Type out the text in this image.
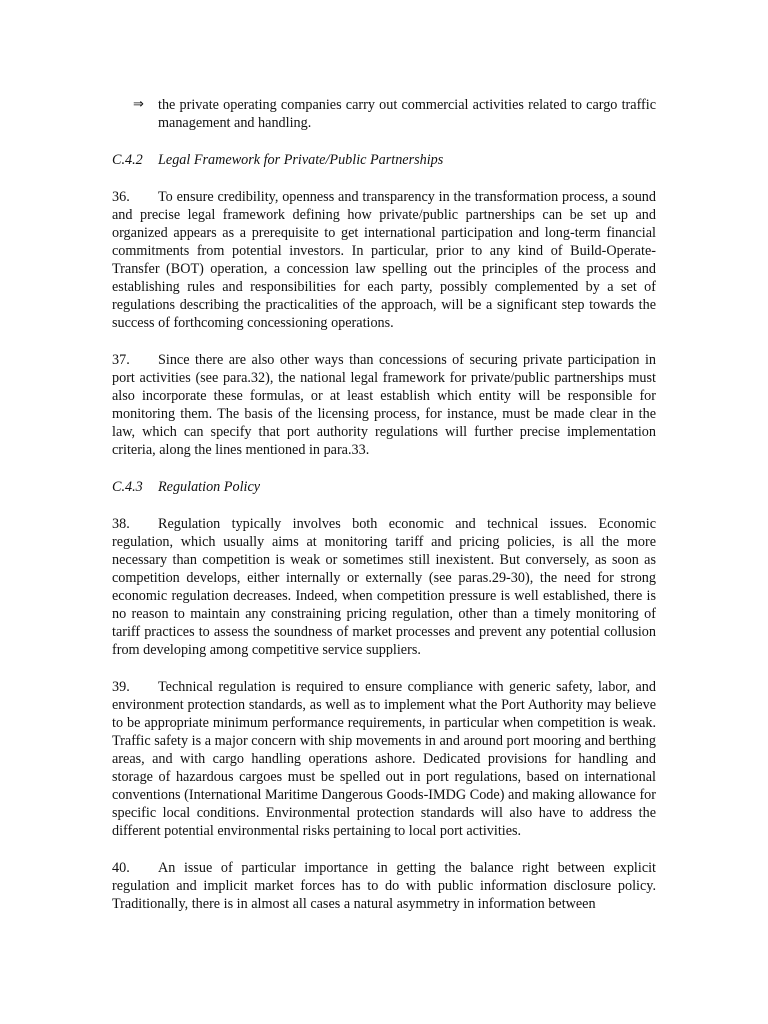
⇒ the private operating companies carry out commercial activities related to cargo traffic management and handling.
C.4.2 Legal Framework for Private/Public Partnerships
36. To ensure credibility, openness and transparency in the transformation process, a sound and precise legal framework defining how private/public partnerships can be set up and organized appears as a prerequisite to get international participation and long-term financial commitments from potential investors. In particular, prior to any kind of Build-Operate-Transfer (BOT) operation, a concession law spelling out the principles of the process and establishing rules and responsibilities for each party, possibly complemented by a set of regulations describing the practicalities of the approach, will be a significant step towards the success of forthcoming concessioning operations.
37. Since there are also other ways than concessions of securing private participation in port activities (see para.32), the national legal framework for private/public partnerships must also incorporate these formulas, or at least establish which entity will be responsible for monitoring them. The basis of the licensing process, for instance, must be made clear in the law, which can specify that port authority regulations will further precise implementation criteria, along the lines mentioned in para.33.
C.4.3 Regulation Policy
38. Regulation typically involves both economic and technical issues. Economic regulation, which usually aims at monitoring tariff and pricing policies, is all the more necessary than competition is weak or sometimes still inexistent. But conversely, as soon as competition develops, either internally or externally (see paras.29-30), the need for strong economic regulation decreases. Indeed, when competition pressure is well established, there is no reason to maintain any constraining pricing regulation, other than a timely monitoring of tariff practices to assess the soundness of market processes and prevent any potential collusion from developing among competitive service suppliers.
39. Technical regulation is required to ensure compliance with generic safety, labor, and environment protection standards, as well as to implement what the Port Authority may believe to be appropriate minimum performance requirements, in particular when competition is weak. Traffic safety is a major concern with ship movements in and around port mooring and berthing areas, and with cargo handling operations ashore. Dedicated provisions for handling and storage of hazardous cargoes must be spelled out in port regulations, based on international conventions (International Maritime Dangerous Goods-IMDG Code) and making allowance for specific local conditions. Environmental protection standards will also have to address the different potential environmental risks pertaining to local port activities.
40. An issue of particular importance in getting the balance right between explicit regulation and implicit market forces has to do with public information disclosure policy. Traditionally, there is in almost all cases a natural asymmetry in information between
